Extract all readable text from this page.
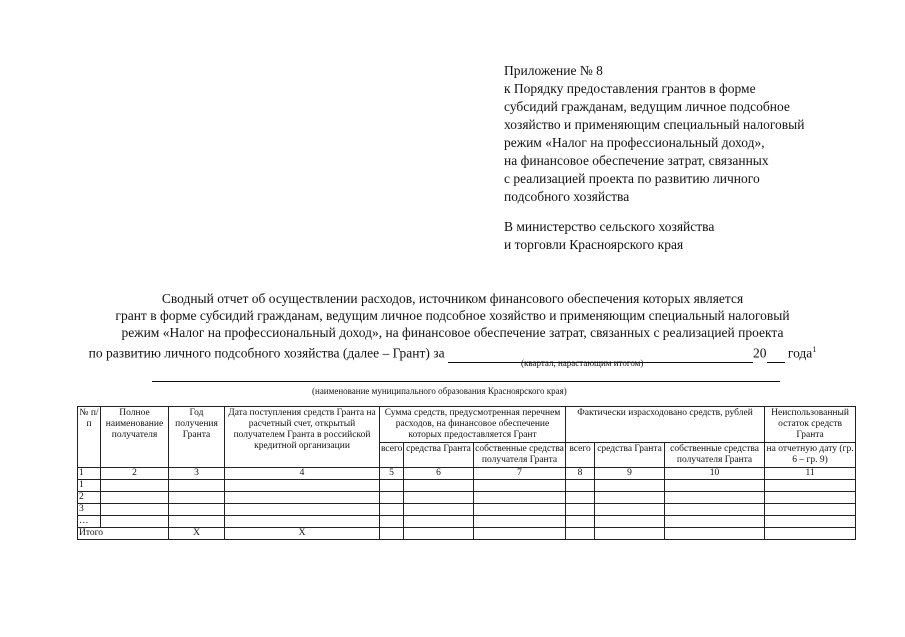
Приложение № 8
к Порядку предоставления грантов в форме
субсидий гражданам, ведущим личное подсобное
хозяйство и применяющим специальный налоговый
режим «Налог на профессиональный доход»,
на финансовое обеспечение затрат, связанных
с реализацией проекта по развитию личного
подсобного хозяйства
В министерство сельского хозяйства
и торговли Красноярского края
Сводный отчет об осуществлении расходов, источником финансового обеспечения которых является
грант в форме субсидий гражданам, ведущим личное подсобное хозяйство и применяющим специальный налоговый
режим «Налог на профессиональный доход», на финансовое обеспечение затрат, связанных с реализацией проекта
по развитию личного подсобного хозяйства (далее – Грант) за	20 года$^1$
(квартал, нарастающим итогом)
(наименование муниципального образования Красноярского края)
№ п/п	Полное наименование получателя	Год получения Гранта	Дата поступления средств Гранта на расчетный счет, открытый получателем Гранта в российской кредитной организации	Сумма средств, предусмотренная перечнем расходов, на финансовое обеспечение которых предоставляется Грант			Фактически израсходовано средств, рублей			Неиспользованный остаток средств Гранта
				всего	средства Гранта	собственные средства получателя Гранта	всего	средства Гранта	собственные средства получателя Гранта	на отчетную дату (гр. 6 – гр. 9)
1	2	3	4	5	6	7	8	9	10	11
1										
2										
3										
…										
Итого		Х	Х							
